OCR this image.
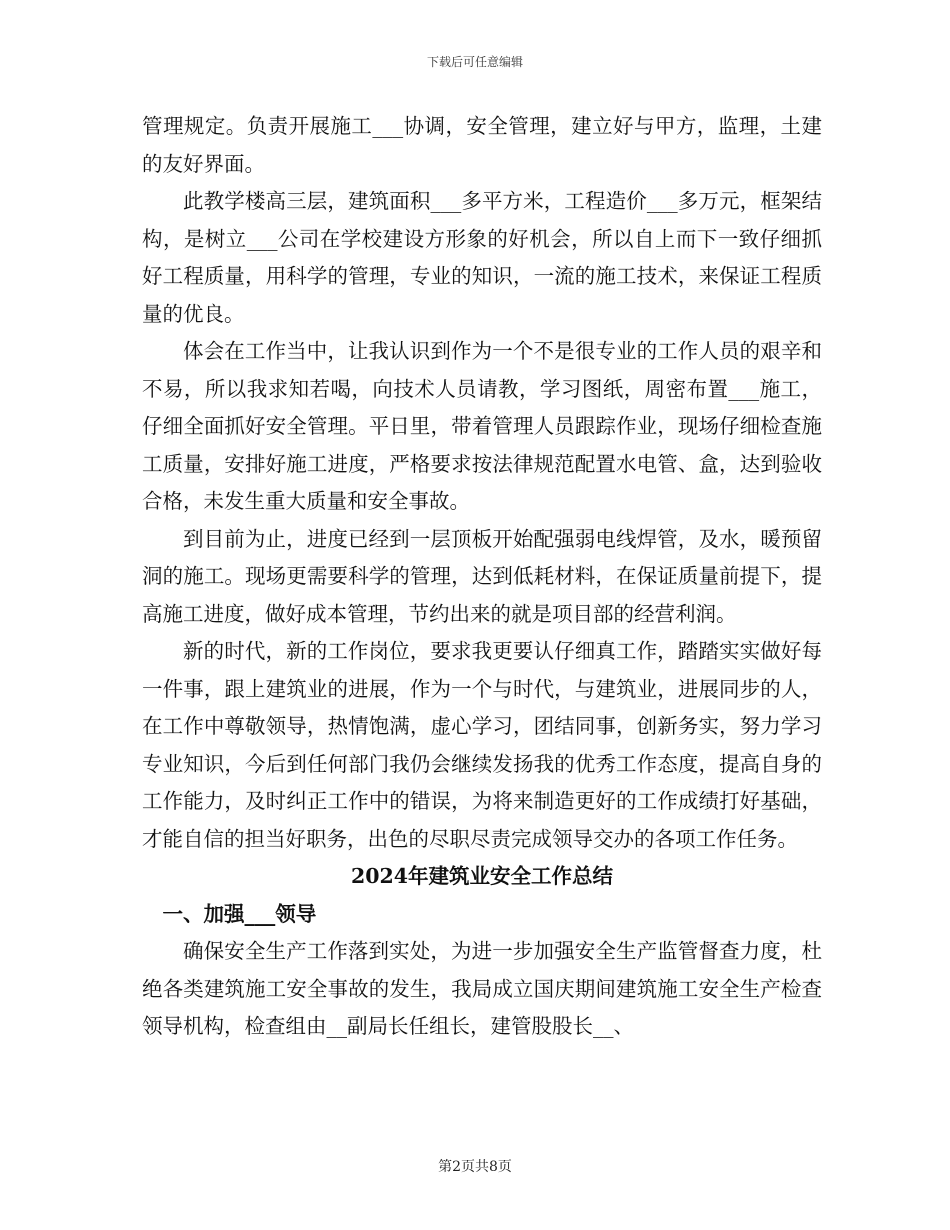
下载后可任意编辑

管理规定。负责开展施工___协调，安全管理，建立好与甲方，监理，土建的友好界面。

此教学楼高三层，建筑面积___多平方米，工程造价___多万元，框架结构，是树立___公司在学校建设方形象的好机会，所以自上而下一致仔细抓好工程质量，用科学的管理，专业的知识，一流的施工技术，来保证工程质量的优良。

体会在工作当中，让我认识到作为一个不是很专业的工作人员的艰辛和不易，所以我求知若喝，向技术人员请教，学习图纸，周密布置___施工，仔细全面抓好安全管理。平日里，带着管理人员跟踪作业，现场仔细检查施工质量，安排好施工进度，严格要求按法律规范配置水电管、盒，达到验收合格，未发生重大质量和安全事故。

到目前为止，进度已经到一层顶板开始配强弱电线焊管，及水，暖预留洞的施工。现场更需要科学的管理，达到低耗材料，在保证质量前提下，提高施工进度，做好成本管理，节约出来的就是项目部的经营利润。

新的时代，新的工作岗位，要求我更要认仔细真工作，踏踏实实做好每一件事，跟上建筑业的进展，作为一个与时代，与建筑业，进展同步的人，在工作中尊敬领导，热情饱满，虚心学习，团结同事，创新务实，努力学习专业知识，今后到任何部门我仍会继续发扬我的优秀工作态度，提高自身的工作能力，及时纠正工作中的错误，为将来制造更好的工作成绩打好基础，才能自信的担当好职务，出色的尽职尽责完成领导交办的各项工作任务。

2024年建筑业安全工作总结

一、加强___领导

确保安全生产工作落到实处，为进一步加强安全生产监管督查力度，杜绝各类建筑施工安全事故的发生，我局成立国庆期间建筑施工安全生产检查领导机构，检查组由__副局长任组长，建管股股长__、

第2页共8页
